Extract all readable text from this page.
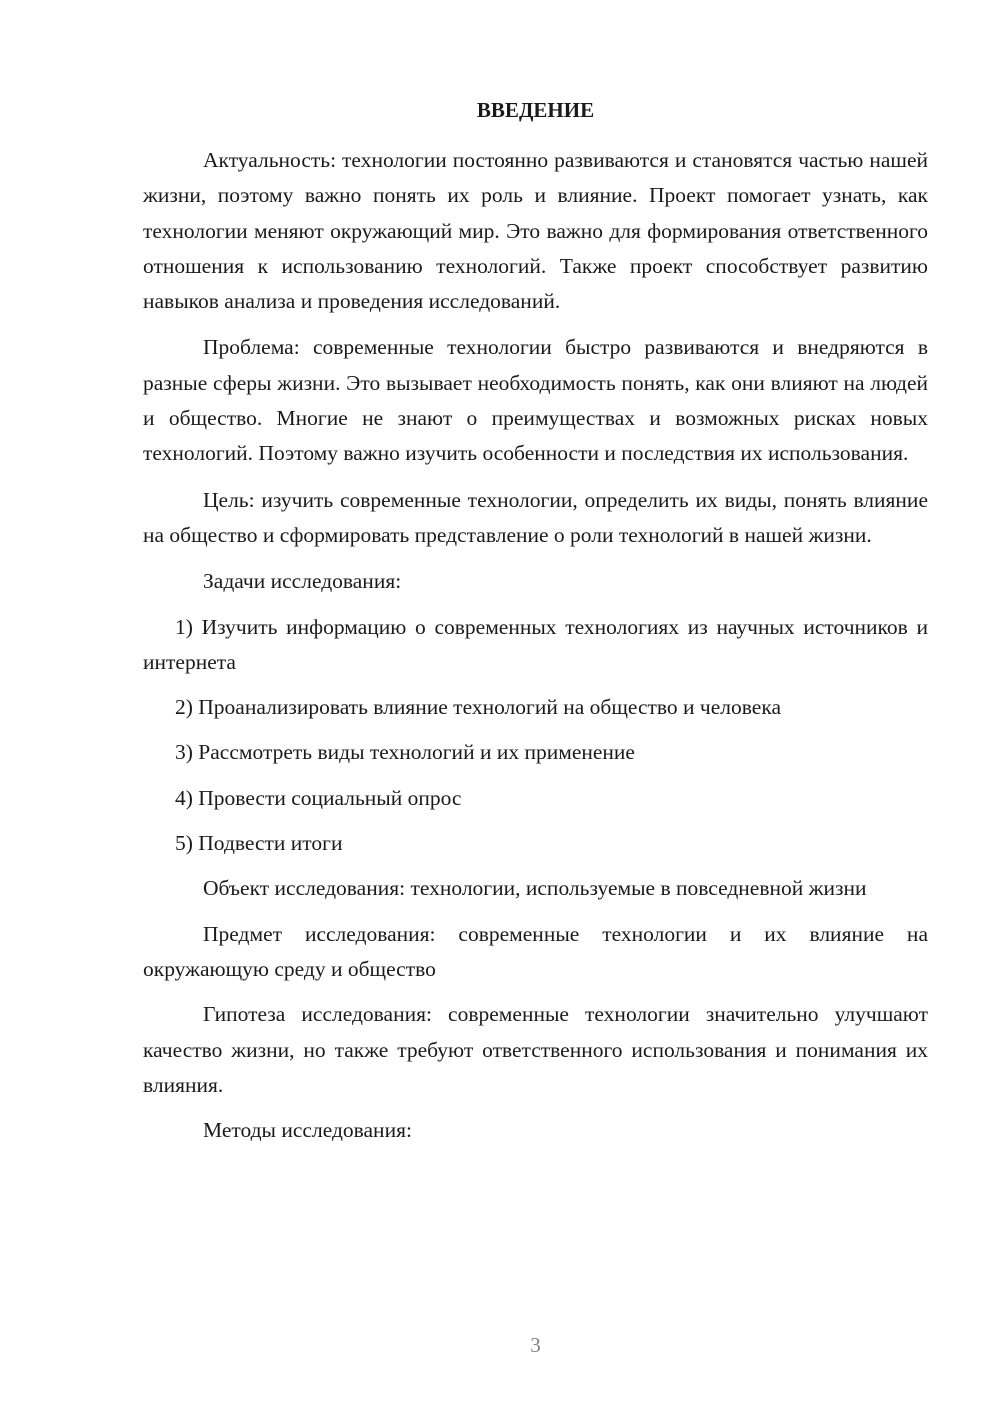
ВВЕДЕНИЕ

Актуальность: технологии постоянно развиваются и становятся частью нашей жизни, поэтому важно понять их роль и влияние. Проект помогает узнать, как технологии меняют окружающий мир. Это важно для формирования ответственного отношения к использованию технологий. Также проект способствует развитию навыков анализа и проведения исследований.

Проблема: современные технологии быстро развиваются и внедряются в разные сферы жизни. Это вызывает необходимость понять, как они влияют на людей и общество. Многие не знают о преимуществах и возможных рисках новых технологий. Поэтому важно изучить особенности и последствия их использования.

Цель: изучить современные технологии, определить их виды, понять влияние на общество и сформировать представление о роли технологий в нашей жизни.

Задачи исследования:

1) Изучить информацию о современных технологиях из научных источников и интернета

2) Проанализировать влияние технологий на общество и человека

3) Рассмотреть виды технологий и их применение

4) Провести социальный опрос

5) Подвести итоги

Объект исследования: технологии, используемые в повседневной жизни

Предмет исследования: современные технологии и их влияние на окружающую среду и общество

Гипотеза исследования: современные технологии значительно улучшают качество жизни, но также требуют ответственного использования и понимания их влияния.

Методы исследования:

3
